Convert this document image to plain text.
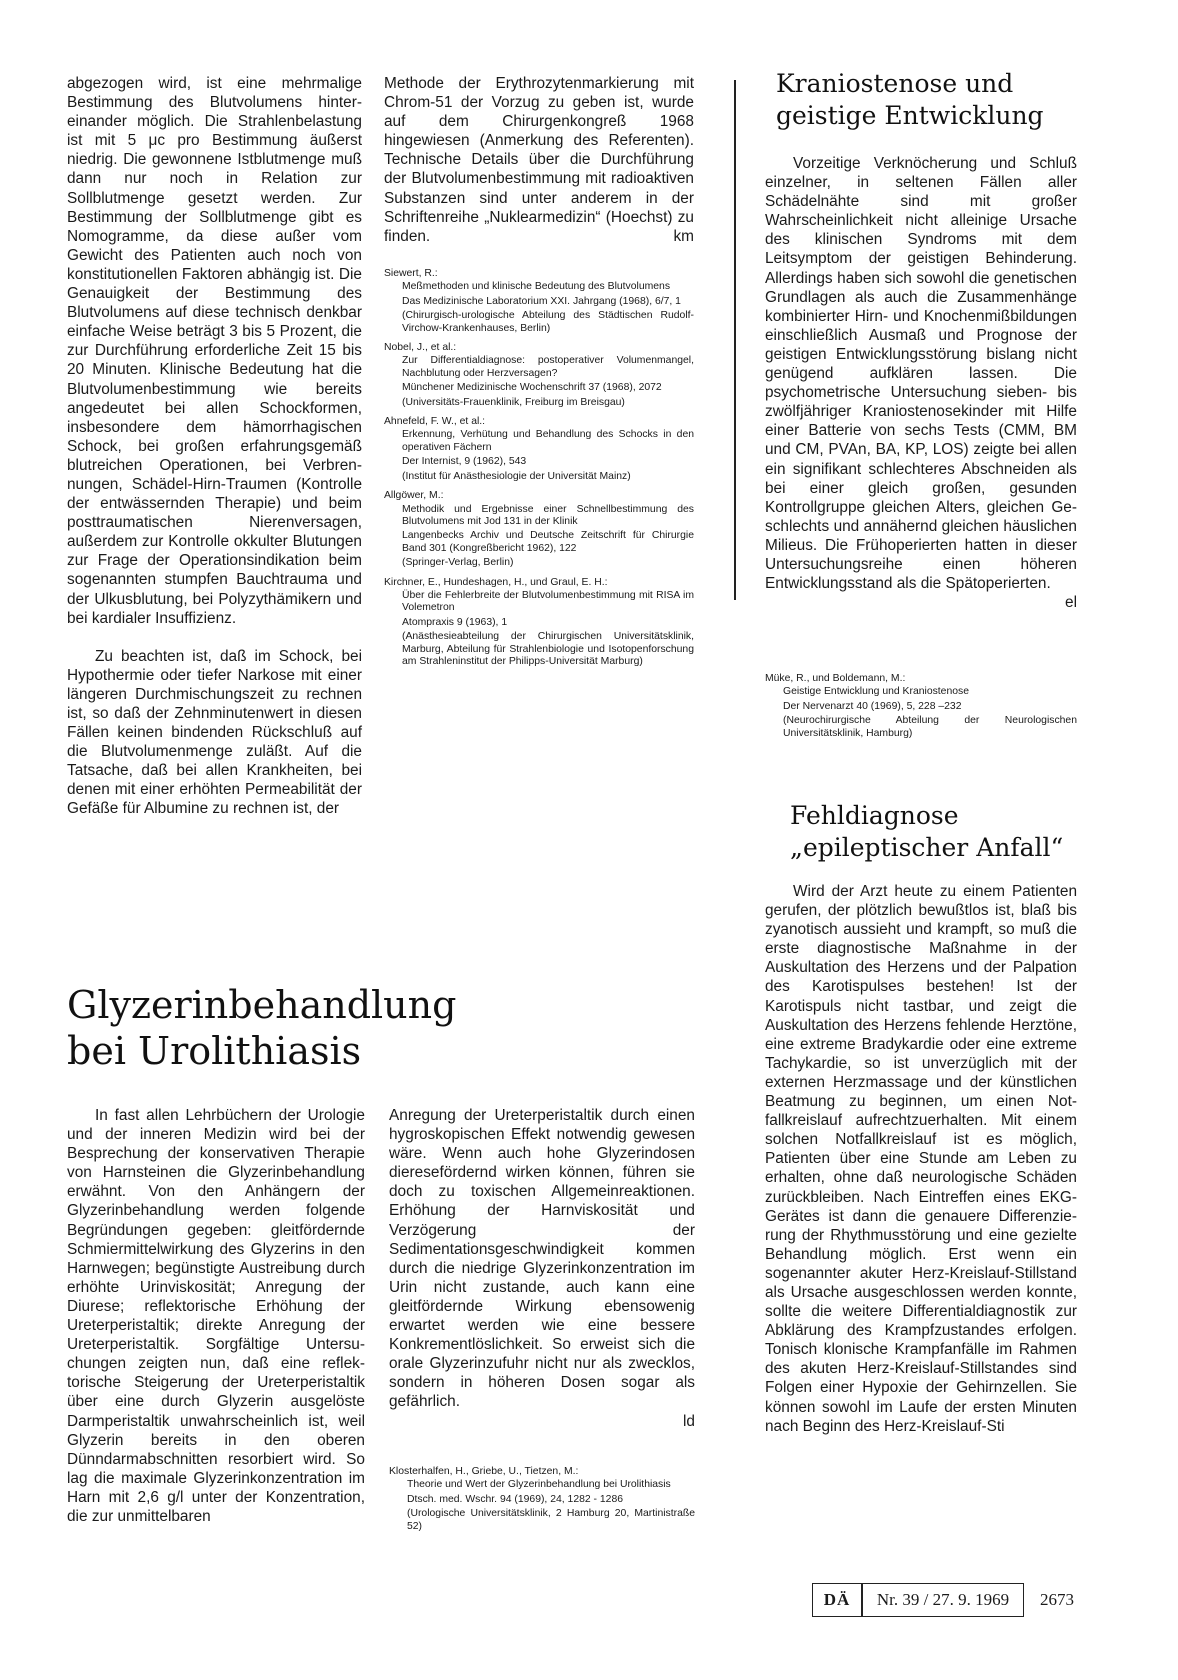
abgezogen wird, ist eine mehrmalige Bestimmung des Blutvolumens hintereinander möglich. Die Strahlenbelastung ist mit 5 μc pro Bestimmung äußerst niedrig. Die gewonnene Istblutmenge muß dann nur noch in Relation zur Sollblutmenge gesetzt werden. Zur Bestimmung der Sollblutmenge gibt es Nomogramme, da diese außer vom Gewicht des Patienten auch noch von konstitutionellen Faktoren abhängig ist. Die Genauigkeit der Bestimmung des Blutvolumens auf diese technisch denkbar einfache Weise beträgt 3 bis 5 Prozent, die zur Durchführung erforderliche Zeit 15 bis 20 Minuten. Klinische Bedeutung hat die Blutvolumenbestimmung wie bereits angedeutet bei allen Schockformen, insbesondere dem hämorrhagischen Schock, bei großen erfahrungsgemäß blutreichen Operationen, bei Verbrennungen, Schädel-Hirn-Traumen (Kontrolle der entwässernden Therapie) und beim posttraumatischen Nierenversagen, außerdem zur Kontrolle okkulter Blutungen zur Frage der Operationsindikation beim sogenannten stumpfen Bauchtrauma und der Ulkusblutung, bei Polyzythämikern und bei kardialer Insuffizienz.

Zu beachten ist, daß im Schock, bei Hypothermie oder tiefer Narkose mit einer längeren Durchmischungszeit zu rechnen ist, so daß der Zehnminutenwert in diesen Fällen keinen bindenden Rückschluß auf die Blutvolumenmenge zuläßt. Auf die Tatsache, daß bei allen Krankheiten, bei denen mit einer erhöhten Permeabilität der Gefäße für Albumine zu rechnen ist, der

Methode der Erythrozytenmarkierung mit Chrom-51 der Vorzug zu geben ist, wurde auf dem Chirurgenkongreß 1968 hingewiesen (Anmerkung des Referenten). Technische Details über die Durchführung der Blutvolumenbestimmung mit radioaktiven Substanzen sind unter anderem in der Schriftenreihe „Nuklearmedizin“ (Hoechst) zu finden.	km

Siewert, R.:
Meßmethoden und klinische Bedeutung des Blutvolumens
Das Medizinische Laboratorium XXI. Jahrgang (1968), 6/7, 1
(Chirurgisch-urologische Abteilung des Städtischen Rudolf-Virchow-Krankenhauses, Berlin)
Nobel, J., et al.:
Zur Differentialdiagnose: postoperativer Volumenmangel, Nachblutung oder Herzversagen?
Münchener Medizinische Wochenschrift 37 (1968), 2072
(Universitäts-Frauenklinik, Freiburg im Breisgau)
Ahnefeld, F. W., et al.:
Erkennung, Verhütung und Behandlung des Schocks in den operativen Fächern
Der Internist, 9 (1962), 543
(Institut für Anästhesiologie der Universität Mainz)
Allgöwer, M.:
Methodik und Ergebnisse einer Schnellbestimmung des Blutvolumens mit Jod 131 in der Klinik
Langenbecks Archiv und Deutsche Zeitschrift für Chirurgie Band 301 (Kongreßbericht 1962), 122
(Springer-Verlag, Berlin)
Kirchner, E., Hundeshagen, H., und Graul, E. H.:
Über die Fehlerbreite der Blutvolumenbestimmung mit RISA im Volemetron
Atompraxis 9 (1963), 1
(Anästhesieabteilung der Chirurgischen Universitätsklinik, Marburg, Abteilung für Strahlenbiologie und Isotopenforschung am Strahleninstitut der Philipps-Universität Marburg)
Kraniostenose und geistige Entwicklung

Vorzeitige Verknöcherung und Schluß einzelner, in seltenen Fällen aller Schädelnähte sind mit großer Wahrscheinlichkeit nicht alleinige Ursache des klinischen Syndroms mit dem Leitsymptom der geistigen Behinderung. Allerdings haben sich sowohl die genetischen Grundlagen als auch die Zusammenhänge kombinierter Hirn- und Knochenmißbildungen einschließlich Ausmaß und Prognose der geistigen Entwicklungsstörung bislang nicht genügend aufklären lassen. Die psychometrische Untersuchung sieben- bis zwölfjähriger Kraniostenosekinder mit Hilfe einer Batterie von sechs Tests (CMM, BM und CM, PVAn, BA, KP, LOS) zeigte bei allen ein signifikant schlechteres Abschneiden als bei einer gleich großen, gesunden Kontrollgruppe gleichen Alters, gleichen Geschlechts und annähernd gleichen häuslichen Milieus. Die Frühoperierten hatten in dieser Untersuchungsreihe einen höheren Entwicklungsstand als die Spätoperierten.

el
Müke, R., und Boldemann, M.:
Geistige Entwicklung und Kraniostenose
Der Nervenarzt 40 (1969), 5, 228 –232
(Neurochirurgische Abteilung der Neurologischen Universitätsklinik, Hamburg)
Fehldiagnose
„epileptischer Anfall“

Wird der Arzt heute zu einem Patienten gerufen, der plötzlich bewußtlos ist, blaß bis zyanotisch aussieht und krampft, so muß die erste diagnostische Maßnahme in der Auskultation des Herzens und der Palpation des Karotispulses bestehen! Ist der Karotispuls nicht tastbar, und zeigt die Auskultation des Herzens fehlende Herztöne, eine extreme Bradykardie oder eine extreme Tachykardie, so ist unverzüglich mit der externen Herzmassage und der künstlichen Beatmung zu beginnen, um einen Notfallkreislauf aufrechtzuerhalten. Mit einem solchen Notfallkreislauf ist es möglich, Patienten über eine Stunde am Leben zu erhalten, ohne daß neurologische Schäden zurückbleiben. Nach Eintreffen eines EKG-Gerätes ist dann die genauere Differenzierung der Rhythmusstörung und eine gezielte Behandlung möglich. Erst wenn ein sogenannter akuter Herz-Kreislauf-Stillstand als Ursache ausgeschlossen werden konnte, sollte die weitere Differentialdiagnostik zur Abklärung des Krampfzustandes erfolgen. Tonisch klonische Krampfanfälle im Rahmen des akuten Herz-Kreislauf-Stillstandes sind Folgen einer Hypoxie der Gehirnzellen. Sie können sowohl im Laufe der ersten Minuten nach Beginn des Herz-Kreislauf-Sti

Glyzerinbehandlung
bei Urolithiasis

In fast allen Lehrbüchern der Urologie und der inneren Medizin wird bei der Besprechung der konservativen Therapie von Harnsteinen die Glyzerinbehandlung erwähnt. Von den Anhängern der Glyzerinbehandlung werden folgende Begründungen gegeben: gleitfördernde Schmiermittelwirkung des Glyzerins in den Harnwegen; begünstigte Austreibung durch erhöhte Urinviskosität; Anregung der Diurese; reflektorische Erhöhung der Ureterperistaltik; direkte Anregung der Ureterperistaltik. Sorgfältige Untersuchungen zeigten nun, daß eine reflektorische Steigerung der Ureterperistaltik über eine durch Glyzerin ausgelöste Darmperistaltik unwahrscheinlich ist, weil Glyzerin bereits in den oberen Dünndarmabschnitten resorbiert wird. So lag die maximale Glyzerinkonzentration im Harn mit 2,6 g/l unter der Konzentration, die zur unmittelbaren

Anregung der Ureterperistaltik durch einen hygroskopischen Effekt notwendig gewesen wäre. Wenn auch hohe Glyzerindosen dieresefördernd wirken können, führen sie doch zu toxischen Allgemeinreaktionen. Erhöhung der Harnviskosität und Verzögerung der Sedimentationsgeschwindigkeit kommen durch die niedrige Glyzerinkonzentration im Urin nicht zustande, auch kann eine gleitfördernde Wirkung ebensowenig erwartet werden wie eine bessere Konkrementlöslichkeit. So erweist sich die orale Glyzerinzufuhr nicht nur als zwecklos, sondern in höheren Dosen sogar als gefährlich.

ld
Klosterhalfen, H., Griebe, U., Tietzen, M.:
Theorie und Wert der Glyzerinbehandlung bei Urolithiasis
Dtsch. med. Wschr. 94 (1969), 24, 1282 - 1286
(Urologische Universitätsklinik, 2 Hamburg 20, Martinistraße 52)
DÄ	Nr. 39 / 27. 9. 1969	2673
